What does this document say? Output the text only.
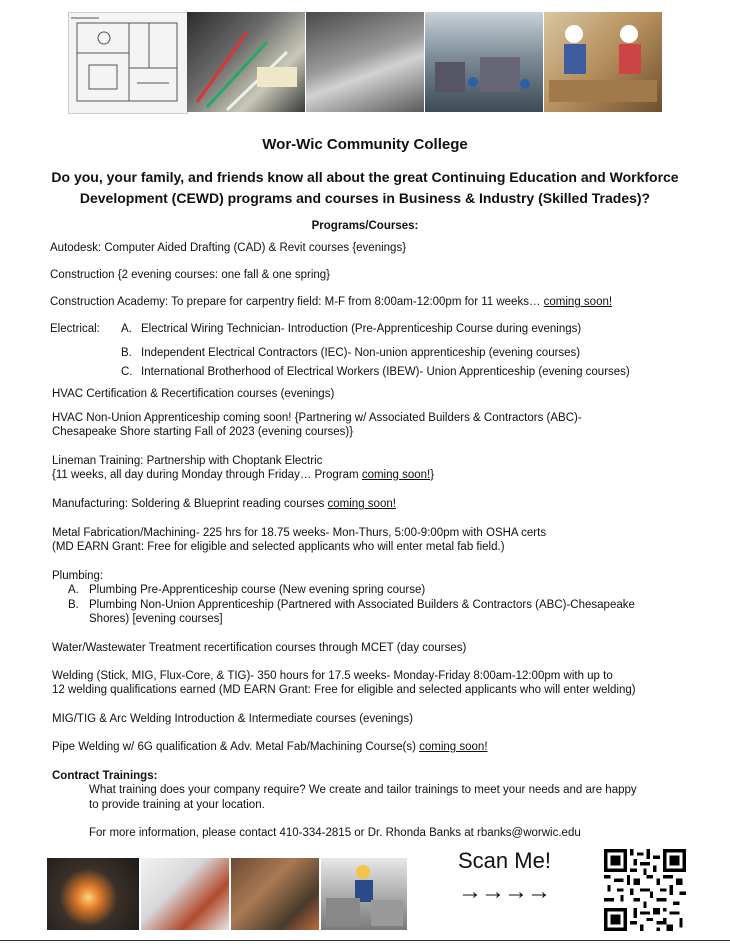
Wor-Wic Community College
Do you, your family, and friends know all about the great Continuing Education and Workforce Development (CEWD) programs and courses in Business & Industry (Skilled Trades)?
Programs/Courses:
Autodesk: Computer Aided Drafting (CAD) & Revit courses {evenings}
Construction {2 evening courses: one fall & one spring}
Construction Academy: To prepare for carpentry field: M-F from 8:00am-12:00pm for 11 weeks… coming soon!
Electrical: A. Electrical Wiring Technician- Introduction (Pre-Apprenticeship Course during evenings)
B. Independent Electrical Contractors (IEC)- Non-union apprenticeship (evening courses)
C. International Brotherhood of Electrical Workers (IBEW)- Union Apprenticeship (evening courses)
HVAC Certification & Recertification courses (evenings)
HVAC Non-Union Apprenticeship coming soon! {Partnering w/ Associated Builders & Contractors (ABC)-
Chesapeake Shore starting Fall of 2023 (evening courses)}
Lineman Training: Partnership with Choptank Electric
{11 weeks, all day during Monday through Friday… Program coming soon!}
Manufacturing: Soldering & Blueprint reading courses coming soon!
Metal Fabrication/Machining- 225 hrs for 18.75 weeks- Mon-Thurs, 5:00-9:00pm with OSHA certs
(MD EARN Grant: Free for eligible and selected applicants who will enter metal fab field.)
Plumbing:
A. Plumbing Pre-Apprenticeship course (New evening spring course)
B. Plumbing Non-Union Apprenticeship (Partnered with Associated Builders & Contractors (ABC)-Chesapeake
Shores) [evening courses]
Water/Wastewater Treatment recertification courses through MCET (day courses)
Welding (Stick, MIG, Flux-Core, & TIG)- 350 hours for 17.5 weeks- Monday-Friday 8:00am-12:00pm with up to
12 welding qualifications earned (MD EARN Grant: Free for eligible and selected applicants who will enter welding)
MIG/TIG & Arc Welding Introduction & Intermediate courses (evenings)
Pipe Welding w/ 6G qualification & Adv. Metal Fab/Machining Course(s) coming soon!
Contract Trainings:
What training does your company require? We create and tailor trainings to meet your needs and are happy
to provide training at your location.
For more information, please contact 410-334-2815 or Dr. Rhonda Banks at rbanks@worwic.edu
Scan Me!
→→→→
